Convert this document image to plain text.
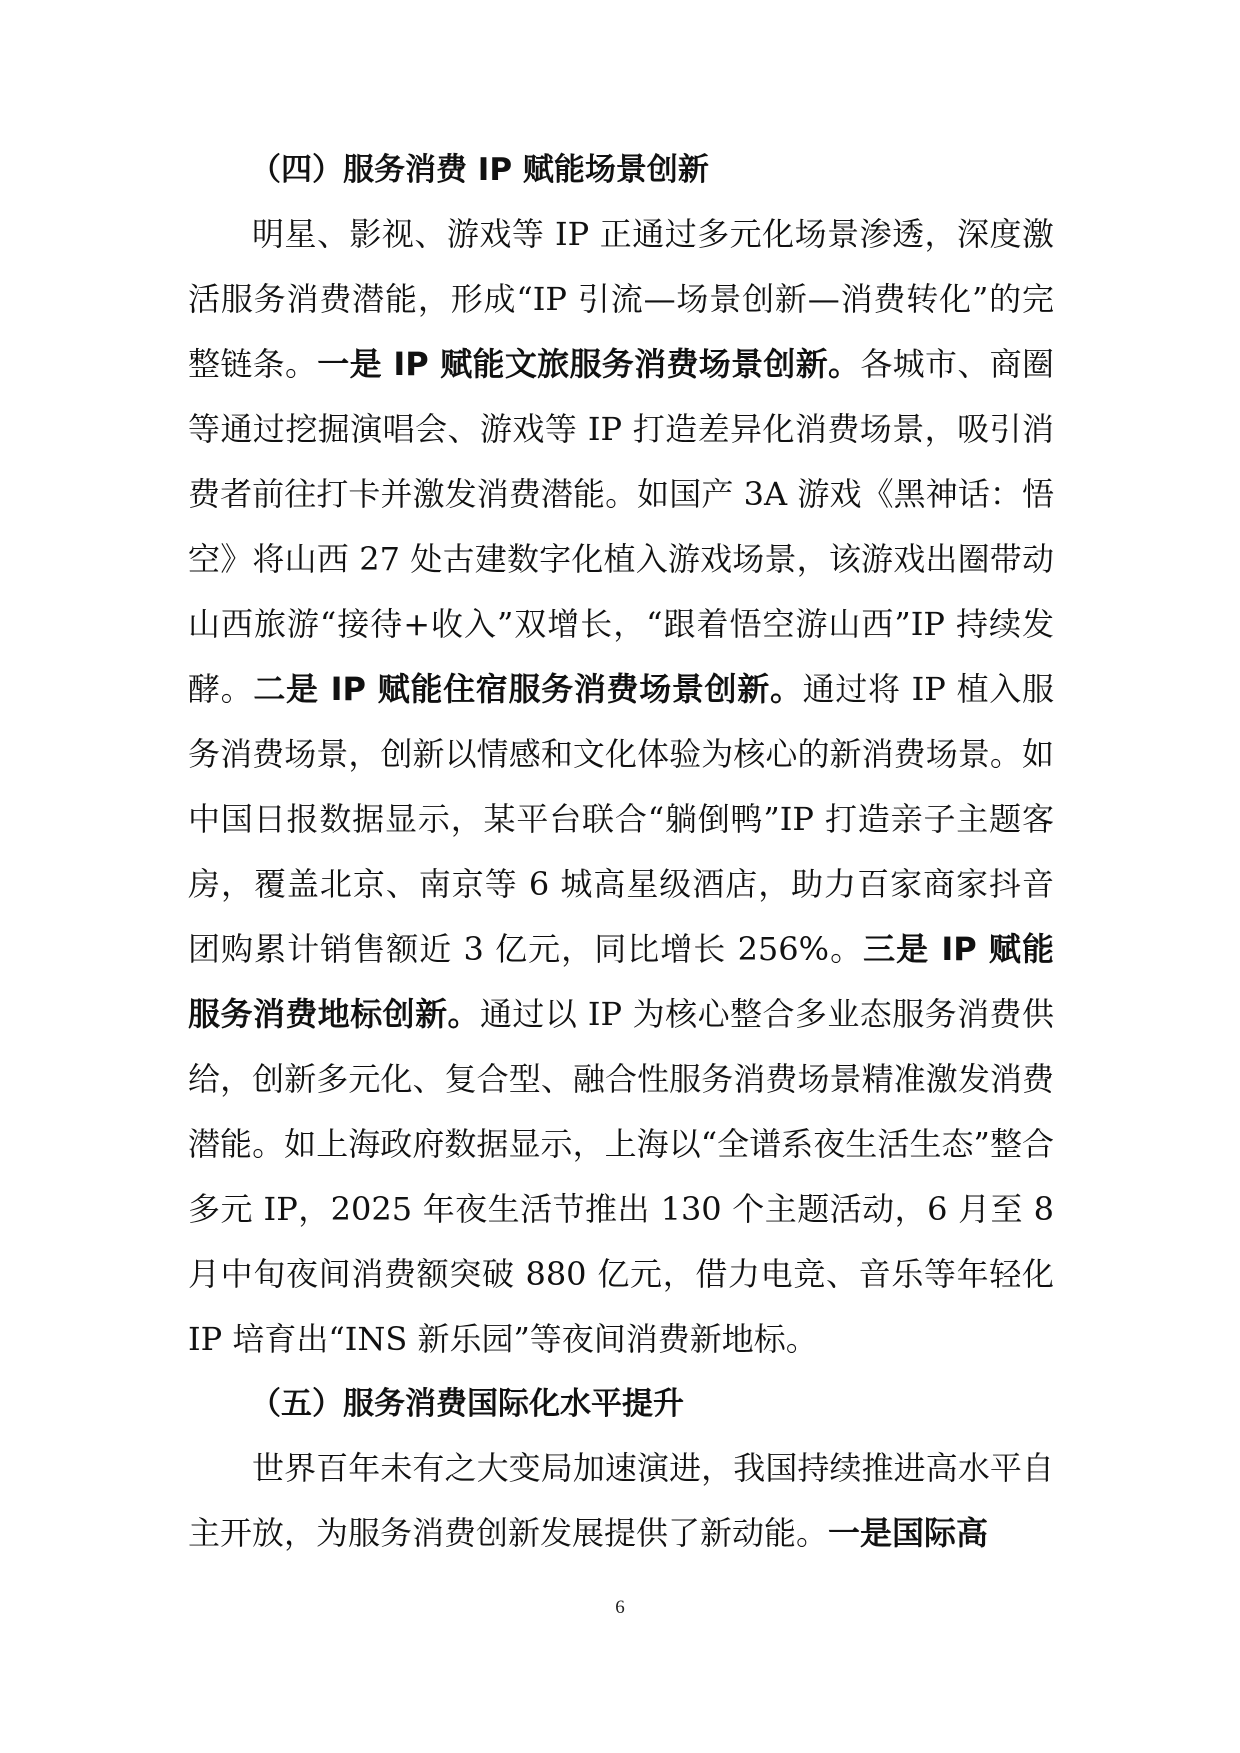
（四）服务消费 IP 赋能场景创新

明星、影视、游戏等 IP 正通过多元化场景渗透，深度激活服务消费潜能，形成“IP 引流—场景创新—消费转化”的完整链条。一是 IP 赋能文旅服务消费场景创新。各城市、商圈等通过挖掘演唱会、游戏等 IP 打造差异化消费场景，吸引消费者前往打卡并激发消费潜能。如国产 3A 游戏《黑神话：悟空》将山西 27 处古建数字化植入游戏场景，该游戏出圈带动山西旅游“接待+收入”双增长，“跟着悟空游山西”IP 持续发酵。二是 IP 赋能住宿服务消费场景创新。通过将 IP 植入服务消费场景，创新以情感和文化体验为核心的新消费场景。如中国日报数据显示，某平台联合“躺倒鸭”IP 打造亲子主题客房，覆盖北京、南京等 6 城高星级酒店，助力百家商家抖音团购累计销售额近 3 亿元，同比增长 256%。三是 IP 赋能服务消费地标创新。通过以 IP 为核心整合多业态服务消费供给，创新多元化、复合型、融合性服务消费场景精准激发消费潜能。如上海政府数据显示，上海以“全谱系夜生活生态”整合多元 IP，2025 年夜生活节推出 130 个主题活动，6 月至 8 月中旬夜间消费额突破 880 亿元，借力电竞、音乐等年轻化 IP 培育出“INS 新乐园”等夜间消费新地标。

（五）服务消费国际化水平提升

世界百年未有之大变局加速演进，我国持续推进高水平自主开放，为服务消费创新发展提供了新动能。一是国际高

6
